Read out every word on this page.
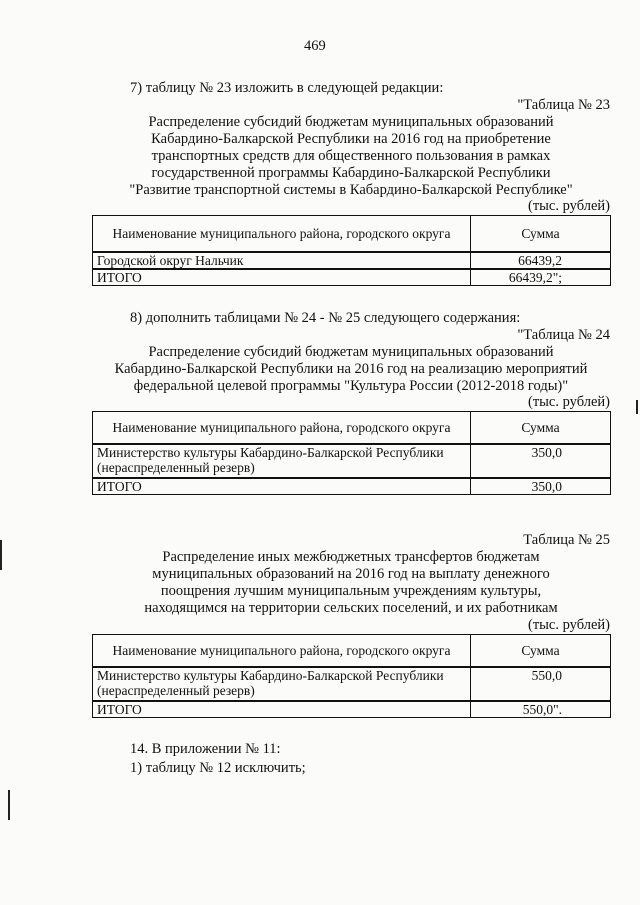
469
7) таблицу № 23 изложить в следующей редакции:
"Таблица № 23
Распределение субсидий бюджетам муниципальных образований
Кабардино-Балкарской Республики на 2016 год на приобретение
транспортных средств для общественного пользования в рамках
государственной программы Кабардино-Балкарской Республики
"Развитие транспортной системы в Кабардино-Балкарской Республике"
(тыс. рублей)
Наименование муниципального района, городского округа	Сумма
Городской округ Нальчик	66439,2
ИТОГО	66439,2";
8) дополнить таблицами № 24 - № 25 следующего содержания:
"Таблица № 24
Распределение субсидий бюджетам муниципальных образований
Кабардино-Балкарской Республики на 2016 год на реализацию мероприятий
федеральной целевой программы "Культура России (2012-2018 годы)"
(тыс. рублей)
Наименование муниципального района, городского округа	Сумма
Министерство культуры Кабардино-Балкарской Республики (нераспределенный резерв)	350,0
ИТОГО	350,0
Таблица № 25
Распределение иных межбюджетных трансфертов бюджетам
муниципальных образований на 2016 год на выплату денежного
поощрения лучшим муниципальным учреждениям культуры,
находящимся на территории сельских поселений, и их работникам
(тыс. рублей)
Наименование муниципального района, городского округа	Сумма
Министерство культуры Кабардино-Балкарской Республики (нераспределенный резерв)	550,0
ИТОГО	550,0".
14. В приложении № 11:
1) таблицу № 12 исключить;
